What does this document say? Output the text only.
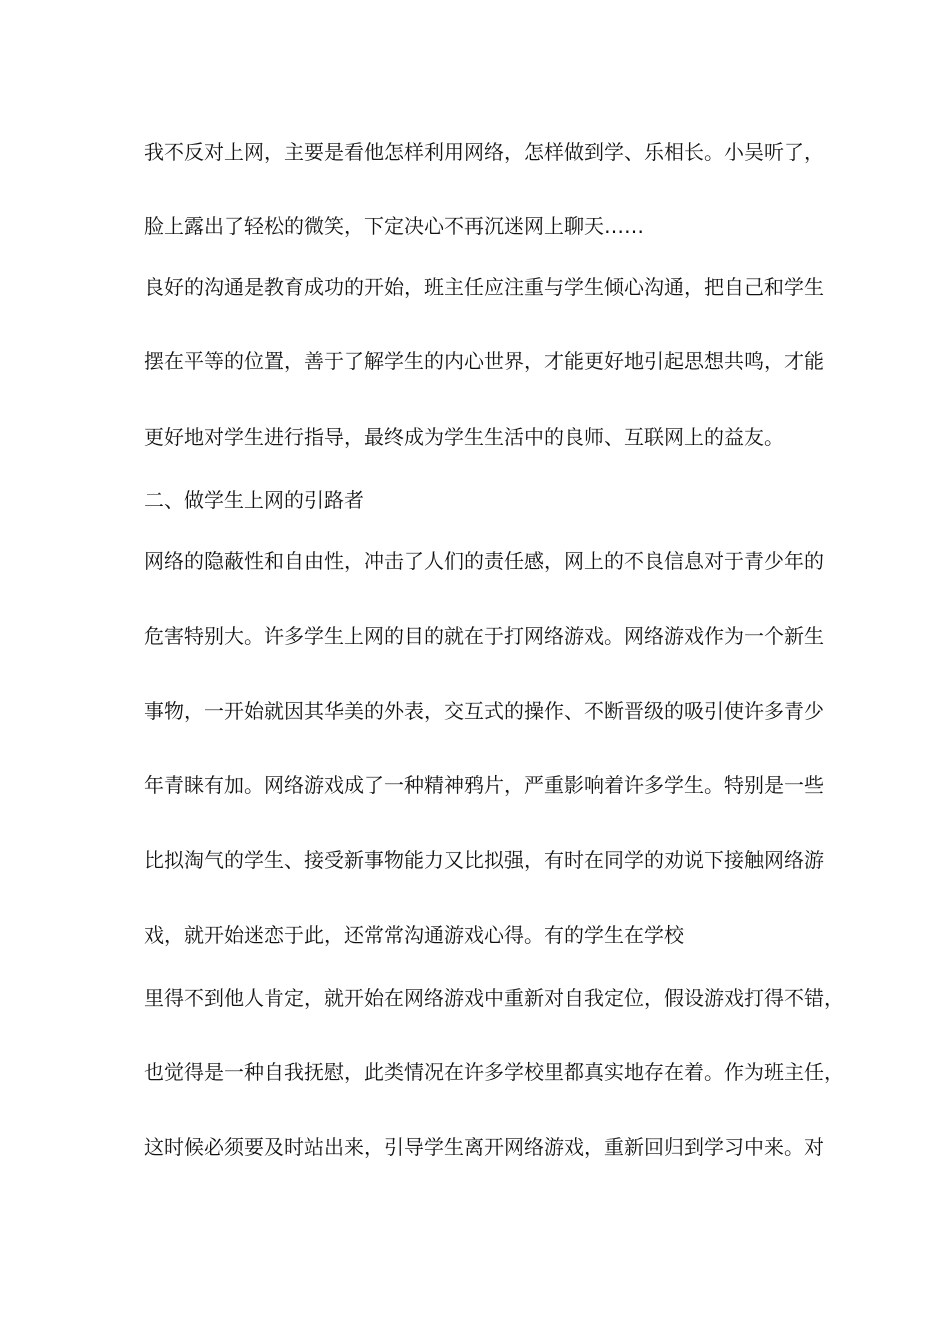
我不反对上网，主要是看他怎样利用网络，怎样做到学、乐相长。小吴听了，
脸上露出了轻松的微笑，下定决心不再沉迷网上聊天……
良好的沟通是教育成功的开始，班主任应注重与学生倾心沟通，把自己和学生
摆在平等的位置，善于了解学生的内心世界，才能更好地引起思想共鸣，才能
更好地对学生进行指导，最终成为学生生活中的良师、互联网上的益友。
二、做学生上网的引路者
网络的隐蔽性和自由性，冲击了人们的责任感，网上的不良信息对于青少年的
危害特别大。许多学生上网的目的就在于打网络游戏。网络游戏作为一个新生
事物，一开始就因其华美的外表，交互式的操作、不断晋级的吸引使许多青少
年青睐有加。网络游戏成了一种精神鸦片，严重影响着许多学生。特别是一些
比拟淘气的学生、接受新事物能力又比拟强，有时在同学的劝说下接触网络游
戏，就开始迷恋于此，还常常沟通游戏心得。有的学生在学校
里得不到他人肯定，就开始在网络游戏中重新对自我定位，假设游戏打得不错，
也觉得是一种自我抚慰，此类情况在许多学校里都真实地存在着。作为班主任，
这时候必须要及时站出来，引导学生离开网络游戏，重新回归到学习中来。对
